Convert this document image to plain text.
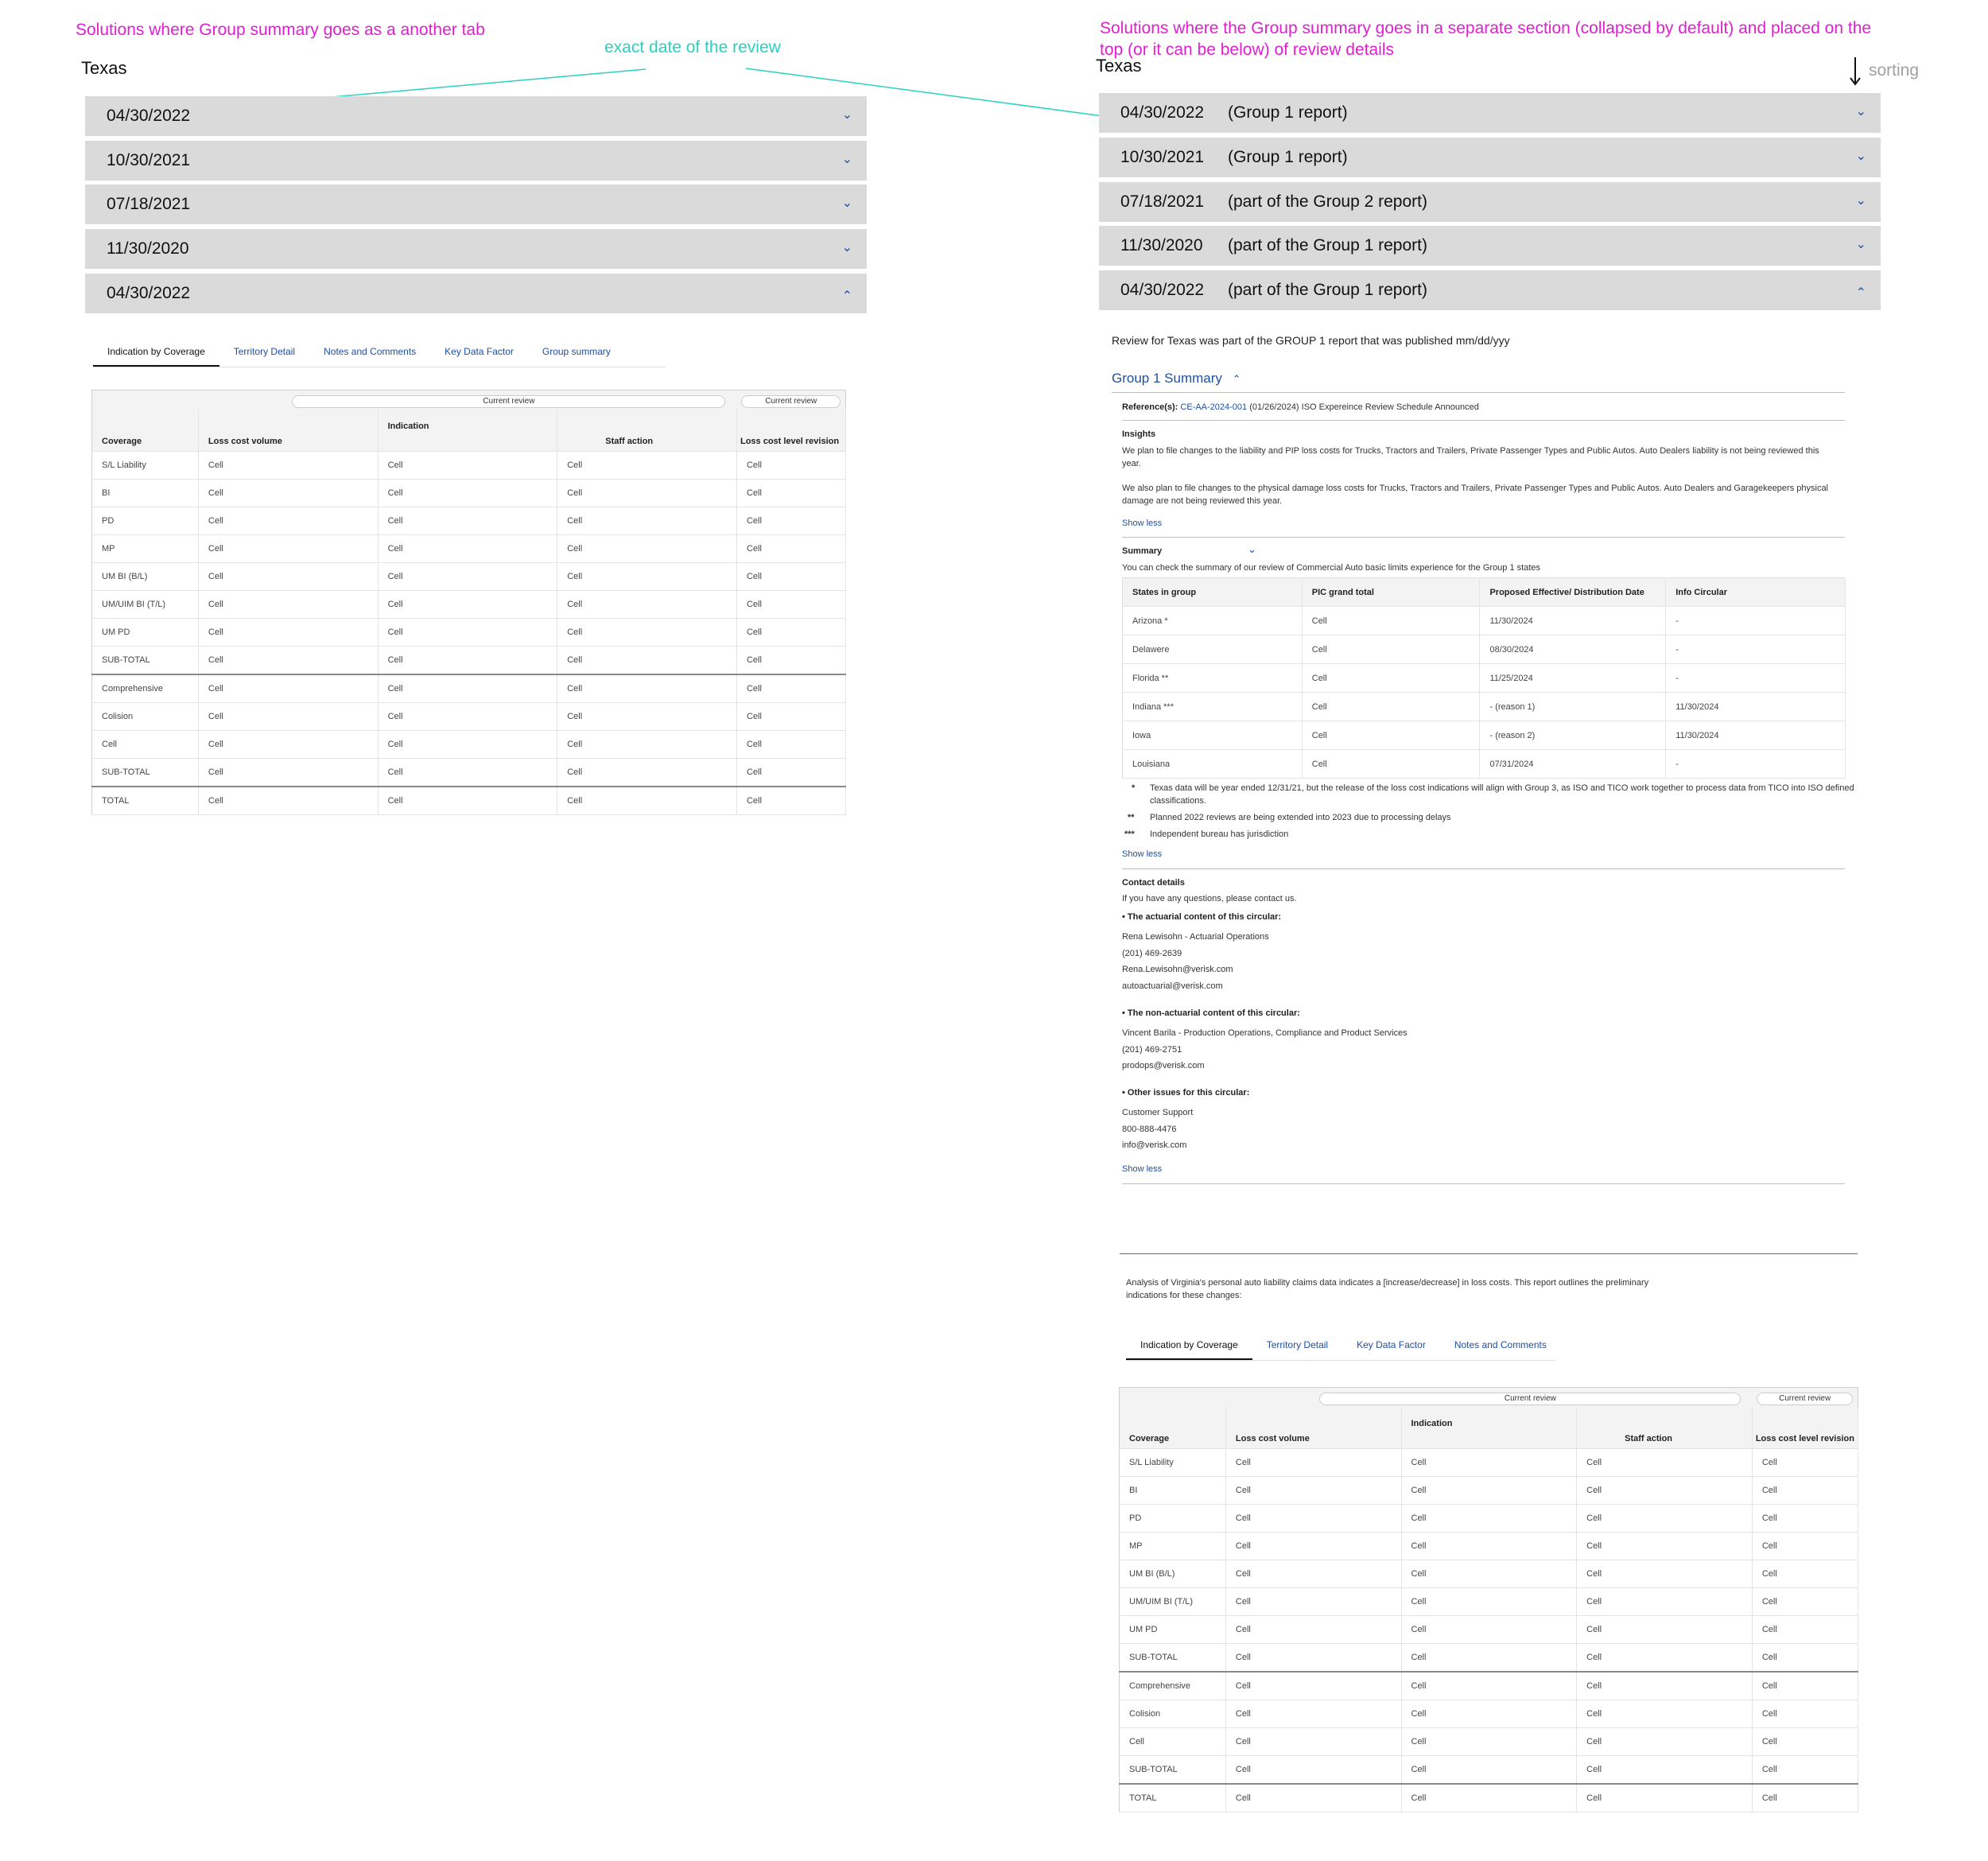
Solutions where Group summary goes as a another tab	Solutions where the Group summary goes in a separate section (collapsed by default) and placed on the
top (or it can be below) of review details
exact date of the review
sorting
Texas
04/30/2022	⌄
10/30/2021	⌄
07/18/2021	⌄
11/30/2020	⌄
04/30/2022	⌃
Indication by Coverage	Territory Detail	Notes and Comments	Key Data Factor	Group summary

	Current review			Current review

Coverage	Loss cost volume	Indication	Staff action	Loss cost level revision
S/L Liability	Cell	Cell	Cell	Cell
BI	Cell	Cell	Cell	Cell
PD	Cell	Cell	Cell	Cell
MP	Cell	Cell	Cell	Cell
UM BI (B/L)	Cell	Cell	Cell	Cell
UM/UIM BI (T/L)	Cell	Cell	Cell	Cell
UM PD	Cell	Cell	Cell	Cell
SUB-TOTAL	Cell	Cell	Cell	Cell
Comprehensive	Cell	Cell	Cell	Cell
Colision	Cell	Cell	Cell	Cell
Cell	Cell	Cell	Cell	Cell
SUB-TOTAL	Cell	Cell	Cell	Cell
TOTAL	Cell	Cell	Cell	Cell
Texas
04/30/2022	(Group 1 report)	⌄
10/30/2021	(Group 1 report)	⌄
07/18/2021	(part of the Group 2 report)	⌄
11/30/2020	(part of the Group 1 report)	⌄
04/30/2022	(part of the Group 1 report)	⌃
Review for Texas was part of the GROUP 1 report that was published mm/dd/yyy
Group 1 Summary ⌃
Reference(s): CE-AA-2024-001 (01/26/2024) ISO Expereince Review Schedule Announced
Insights
We plan to file changes to the liability and PIP loss costs for Trucks, Tractors and Trailers, Private Passenger Types and Public Autos. Auto Dealers liability is not being reviewed this year.
We also plan to file changes to the physical damage loss costs for Trucks, Tractors and Trailers, Private Passenger Types and Public Autos. Auto Dealers and Garagekeepers physical damage are not being reviewed this year.
Show less
Summary	⌄
You can check the summary of our review of Commercial Auto basic limits experience for the Group 1 states
States in group	PIC grand total	Proposed Effective/ Distribution Date	Info Circular
Arizona *	Cell	11/30/2024	-
Delawere	Cell	08/30/2024	-
Florida **	Cell	11/25/2024	-
Indiana ***	Cell	- (reason 1)	11/30/2024
Iowa	Cell	- (reason 2)	11/30/2024
Louisiana	Cell	07/31/2024	-
* Texas data will be year ended 12/31/21, but the release of the loss cost indications will align with Group 3, as ISO and TICO work together to process data from TICO into ISO defined classifications.
** Planned 2022 reviews are being extended into 2023 due to processing delays
*** Independent bureau has jurisdiction
Show less
Contact details
If you have any questions, please contact us.
• The actuarial content of this circular:
Rena Lewisohn - Actuarial Operations
(201) 469-2639
Rena.Lewisohn@verisk.com
autoactuarial@verisk.com
• The non-actuarial content of this circular:
Vincent Barila - Production Operations, Compliance and Product Services
(201) 469-2751
prodops@verisk.com
• Other issues for this circular:
Customer Support
800-888-4476
info@verisk.com
Show less
Analysis of Virginia's personal auto liability claims data indicates a [increase/decrease] in loss costs. This report outlines the preliminary
indications for these changes:
Indication by Coverage	Territory Detail	Key Data Factor	Notes and Comments

	Current review			Current review

Coverage	Loss cost volume	Indication	Staff action	Loss cost level revision
S/L Liability	Cell	Cell	Cell	Cell
BI	Cell	Cell	Cell	Cell
PD	Cell	Cell	Cell	Cell
MP	Cell	Cell	Cell	Cell
UM BI (B/L)	Cell	Cell	Cell	Cell
UM/UIM BI (T/L)	Cell	Cell	Cell	Cell
UM PD	Cell	Cell	Cell	Cell
SUB-TOTAL	Cell	Cell	Cell	Cell
Comprehensive	Cell	Cell	Cell	Cell
Colision	Cell	Cell	Cell	Cell
Cell	Cell	Cell	Cell	Cell
SUB-TOTAL	Cell	Cell	Cell	Cell
TOTAL	Cell	Cell	Cell	Cell
